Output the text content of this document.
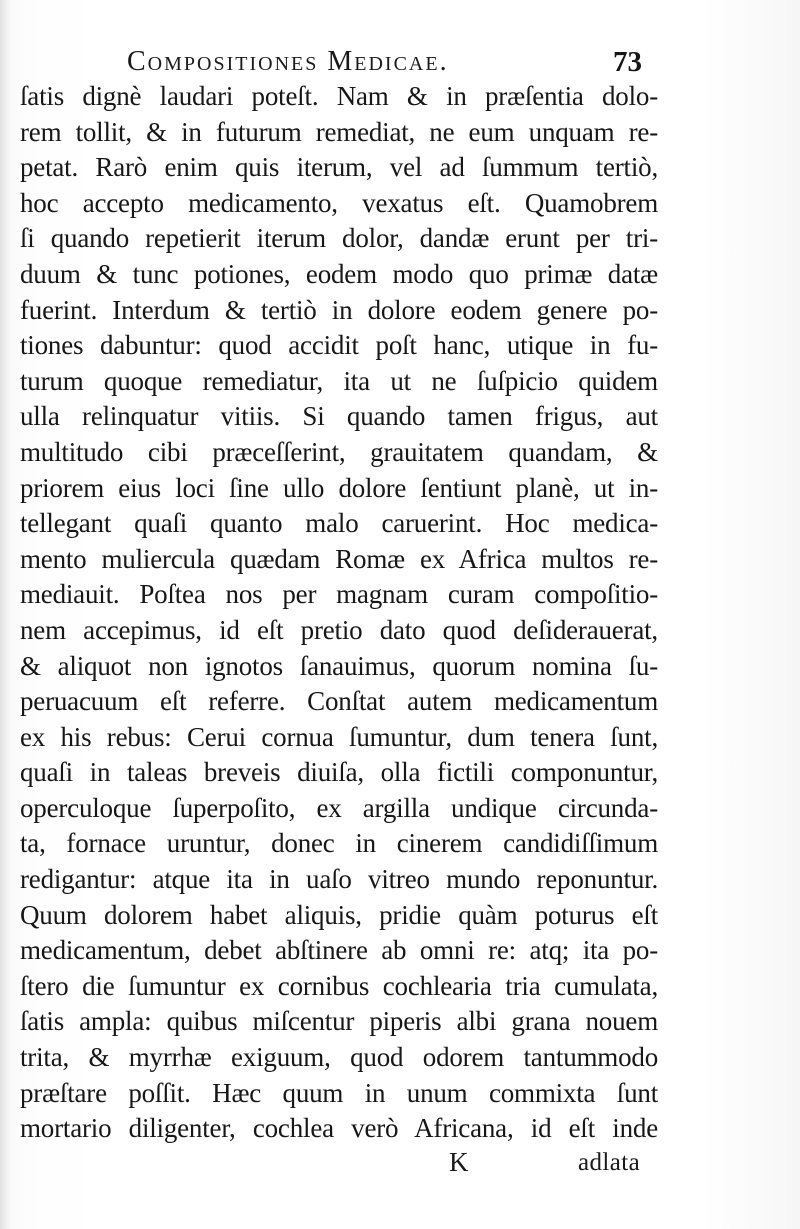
Compositiones Medicae.	73
ſatis dignè laudari poteſt. Nam & in præſentia dolo-
rem tollit, & in futurum remediat, ne eum unquam re-
petat. Rarò enim quis iterum, vel ad ſummum tertiò,
hoc accepto medicamento, vexatus eſt. Quamobrem
ſi quando repetierit iterum dolor, dandæ erunt per tri-
duum & tunc potiones, eodem modo quo primæ datæ
fuerint. Interdum & tertiò in dolore eodem genere po-
tiones dabuntur: quod accidit poſt hanc, utique in fu-
turum quoque remediatur, ita ut ne ſuſpicio quidem
ulla relinquatur vitiis. Si quando tamen frigus, aut
multitudo cibi præceſſerint, grauitatem quandam, &
priorem eius loci ſine ullo dolore ſentiunt planè, ut in-
tellegant quaſi quanto malo caruerint. Hoc medica-
mento muliercula quædam Romæ ex Africa multos re-
mediauit. Poſtea nos per magnam curam compoſitio-
nem accepimus, id eſt pretio dato quod deſiderauerat,
& aliquot non ignotos ſanauimus, quorum nomina ſu-
peruacuum eſt referre. Conſtat autem medicamentum
ex his rebus: Cerui cornua ſumuntur, dum tenera ſunt,
quaſi in taleas breveis diuiſa, olla fictili componuntur,
operculoque ſuperpoſito, ex argilla undique circunda-
ta, fornace uruntur, donec in cinerem candidiſſimum
redigantur: atque ita in uaſo vitreo mundo reponuntur.
Quum dolorem habet aliquis, pridie quàm poturus eſt
medicamentum, debet abſtinere ab omni re: atq; ita po-
ſtero die ſumuntur ex cornibus cochlearia tria cumulata,
ſatis ampla: quibus miſcentur piperis albi grana nouem
trita, & myrrhæ exiguum, quod odorem tantummodo
præſtare poſſit. Hæc quum in unum commixta ſunt
mortario diligenter, cochlea verò Africana, id eſt inde
K	adlata
